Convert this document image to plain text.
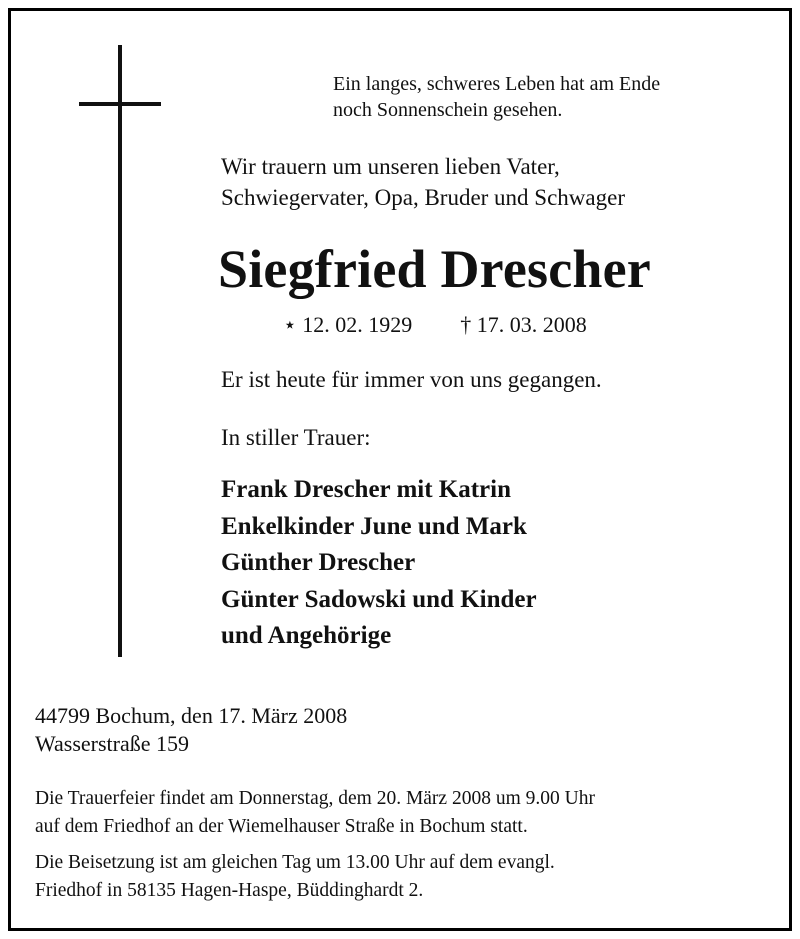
Ein langes, schweres Leben hat am Ende
noch Sonnenschein gesehen.
Wir trauern um unseren lieben Vater,
Schwiegervater, Opa, Bruder und Schwager
Siegfried Drescher
⋆ 12. 02. 1929 † 17. 03. 2008
Er ist heute für immer von uns gegangen.
In stiller Trauer:
Frank Drescher mit Katrin
Enkelkinder June und Mark
Günther Drescher
Günter Sadowski und Kinder
und Angehörige
44799 Bochum, den 17. März 2008
Wasserstraße 159
Die Trauerfeier findet am Donnerstag, dem 20. März 2008 um 9.00 Uhr
auf dem Friedhof an der Wiemelhauser Straße in Bochum statt.
Die Beisetzung ist am gleichen Tag um 13.00 Uhr auf dem evangl.
Friedhof in 58135 Hagen-Haspe, Büddinghardt 2.
